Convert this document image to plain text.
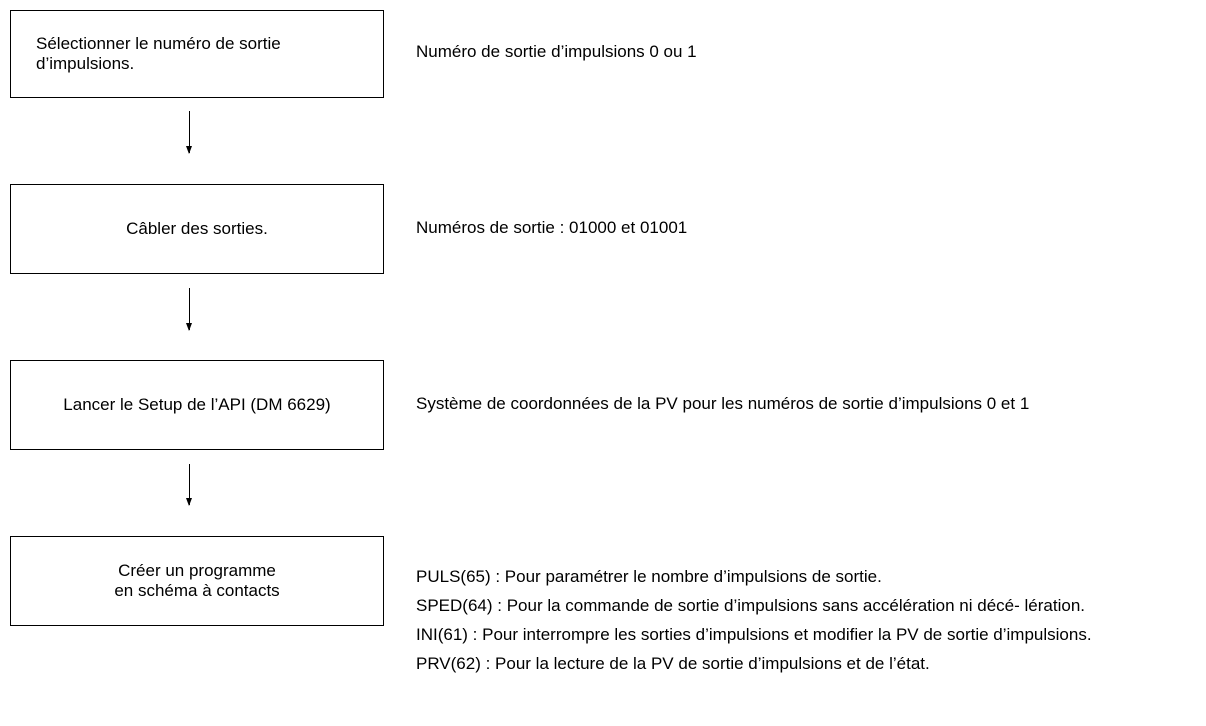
Sélectionner le numéro de sortie
d’impulsions.
Numéro de sortie d’impulsions 0 ou 1
Câbler des sorties.	Numéros de sortie : 01000 et 01001
Lancer le Setup de l’API (DM 6629)	Système de coordonnées de la PV pour les numéros de sortie d’impulsions 0 et 1
Créer un programme
en schéma à contacts
PULS(65) : Pour paramétrer le nombre d’impulsions de sortie.
SPED(64) : Pour la commande de sortie d’impulsions sans accélération ni décé- lération.
INI(61) : Pour interrompre les sorties d’impulsions et modifier la PV de sortie d’impulsions.
PRV(62) : Pour la lecture de la PV de sortie d’impulsions et de l’état.
